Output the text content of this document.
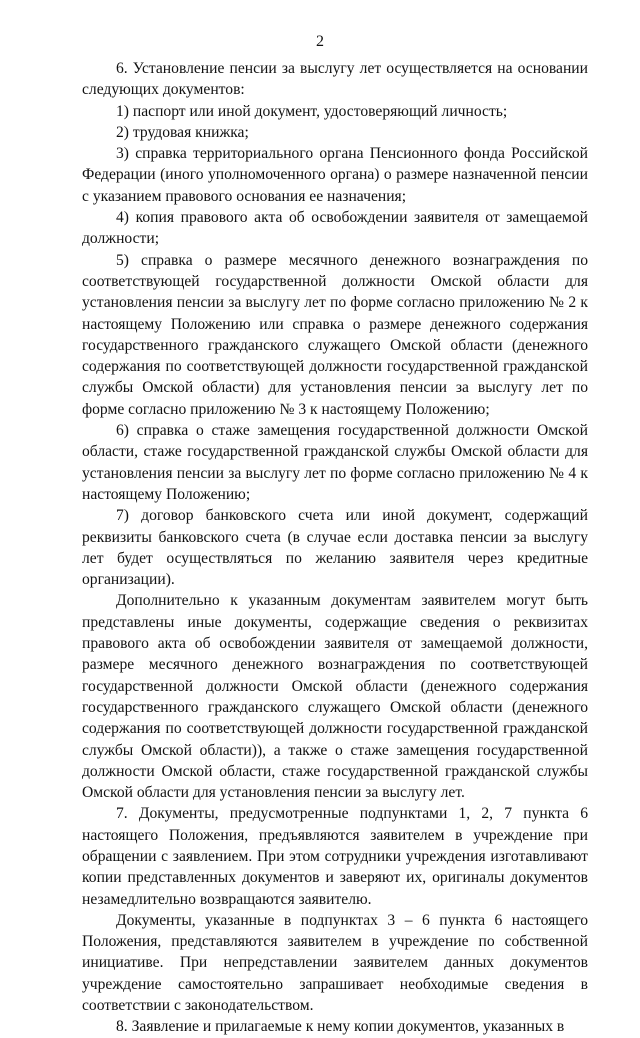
2

6. Установление пенсии за выслугу лет осуществляется на основании следующих документов:

1) паспорт или иной документ, удостоверяющий личность;

2) трудовая книжка;

3) справка территориального органа Пенсионного фонда Российской Федерации (иного уполномоченного органа) о размере назначенной пенсии с указанием правового основания ее назначения;

4) копия правового акта об освобождении заявителя от замещаемой должности;

5) справка о размере месячного денежного вознаграждения по соответствующей государственной должности Омской области для установления пенсии за выслугу лет по форме согласно приложению № 2 к настоящему Положению или справка о размере денежного содержания государственного гражданского служащего Омской области (денежного содержания по соответствующей должности государственной гражданской службы Омской области) для установления пенсии за выслугу лет по форме согласно приложению № 3 к настоящему Положению;

6) справка о стаже замещения государственной должности Омской области, стаже государственной гражданской службы Омской области для установления пенсии за выслугу лет по форме согласно приложению № 4 к настоящему Положению;

7) договор банковского счета или иной документ, содержащий реквизиты банковского счета (в случае если доставка пенсии за выслугу лет будет осуществляться по желанию заявителя через кредитные организации).

Дополнительно к указанным документам заявителем могут быть представлены иные документы, содержащие сведения о реквизитах правового акта об освобождении заявителя от замещаемой должности, размере месячного денежного вознаграждения по соответствующей государственной должности Омской области (денежного содержания государственного гражданского служащего Омской области (денежного содержания по соответствующей должности государственной гражданской службы Омской области)), а также о стаже замещения государственной должности Омской области, стаже государственной гражданской службы Омской области для установления пенсии за выслугу лет.

7. Документы, предусмотренные подпунктами 1, 2, 7 пункта 6 настоящего Положения, предъявляются заявителем в учреждение при обращении с заявлением. При этом сотрудники учреждения изготавливают копии представленных документов и заверяют их, оригиналы документов незамедлительно возвращаются заявителю.

Документы, указанные в подпунктах 3 – 6 пункта 6 настоящего Положения, представляются заявителем в учреждение по собственной инициативе. При непредставлении заявителем данных документов учреждение самостоятельно запрашивает необходимые сведения в соответствии с законодательством.

8. Заявление и прилагаемые к нему копии документов, указанных в
